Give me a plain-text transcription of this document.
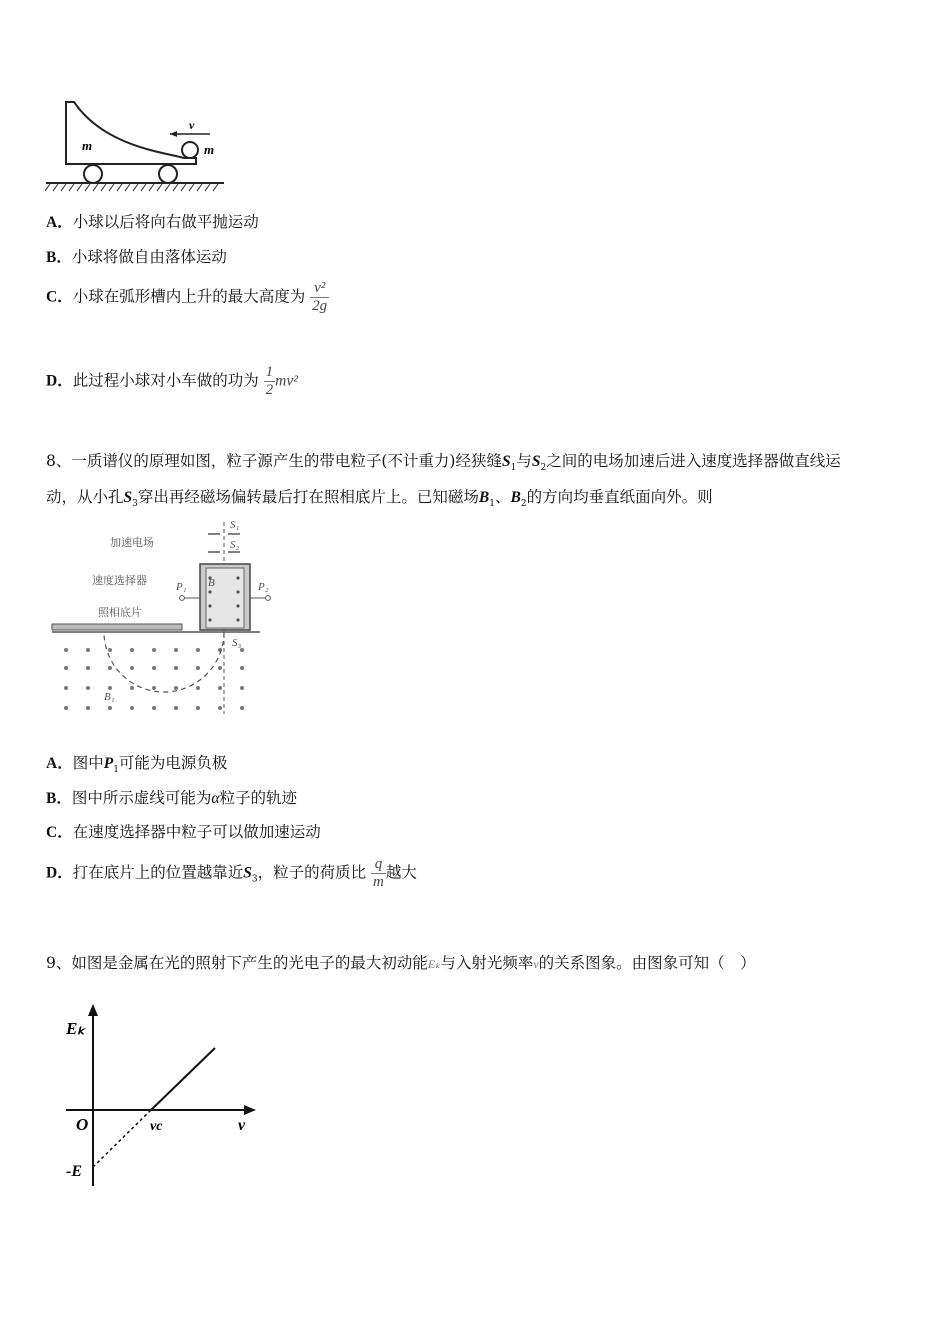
v
m	m
A．小球以后将向右做平抛运动
B．小球将做自由落体运动
C．小球在弧形槽内上升的最大高度为 $\frac{\text{v²}}{2g}$
D．此过程小球对小车做的功为 $\frac{1}{2} mv^2$
8、一质谱仪的原理如图，粒子源产生的带电粒子(不计重力)经狭缝$S_1$与$S_2$之间的电场加速后进入速度选择器做直线运
动，从小孔$S_3$穿出再经磁场偏转最后打在照相底片上。已知磁场$B_1$、$B_2$的方向均垂直纸面向外。则
加速电场
速度选择器
照相底片
S₁
S₂
B
P₁	P₂
S₃
B₁
A．图中$P_1$可能为电源负极
B．图中所示虚线可能为α粒子的轨迹
C．在速度选择器中粒子可以做加速运动
D．打在底片上的位置越靠近$S_3$，粒子的荷质比 $\frac{q}{m}$ 越大
9、如图是金属在光的照射下产生的光电子的最大初动能Eₖ与入射光频率ν的关系图象。由图象可知（　）
Eₖ
ν
O	νc
-E
